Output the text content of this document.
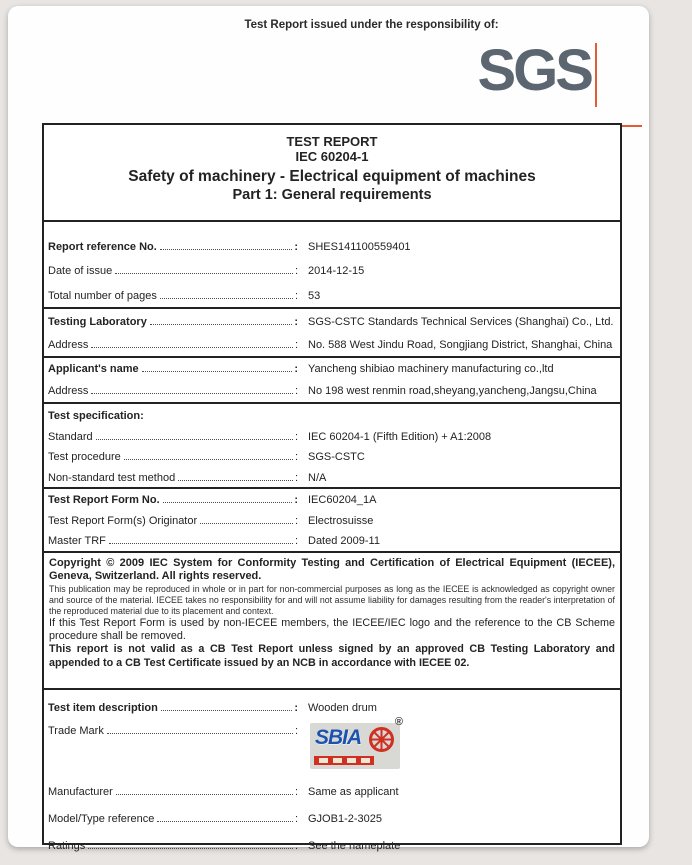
Test Report issued under the responsibility of:
SGS
TEST REPORT
IEC 60204-1
Safety of machinery - Electrical equipment of machines
Part 1: General requirements
Report reference No.	: SHES141100559401
Date of issue	: 2014-12-15
Total number of pages	: 53
Testing Laboratory	: SGS-CSTC Standards Technical Services (Shanghai) Co., Ltd.
Address	: No. 588 West Jindu Road, Songjiang District, Shanghai, China
Applicant's name	: Yancheng shibiao machinery manufacturing co.,ltd
Address	: No 198 west renmin road,sheyang,yancheng,Jangsu,China
Test specification:
Standard	: IEC 60204-1 (Fifth Edition) + A1:2008
Test procedure	: SGS-CSTC
Non-standard test method	: N/A
Test Report Form No.	: IEC60204_1A
Test Report Form(s) Originator	: Electrosuisse
Master TRF	: Dated 2009-11

Copyright © 2009 IEC System for Conformity Testing and Certification of Electrical Equipment (IECEE), Geneva, Switzerland. All rights reserved.

This publication may be reproduced in whole or in part for non-commercial purposes as long as the IECEE is acknowledged as copyright owner and source of the material. IECEE takes no responsibility for and will not assume liability for damages resulting from the reader's interpretation of the reproduced material due to its placement and context.

If this Test Report Form is used by non-IECEE members, the IECEE/IEC logo and the reference to the CB Scheme procedure shall be removed.

This report is not valid as a CB Test Report unless signed by an approved CB Testing Laboratory and appended to a CB Test Certificate issued by an NCB in accordance with IECEE 02.

Test item description	: Wooden drum
Trade Mark	: SBIA
®
Manufacturer	: Same as applicant
Model/Type reference	: GJOB1-2-3025
Ratings	: See the nameplate
